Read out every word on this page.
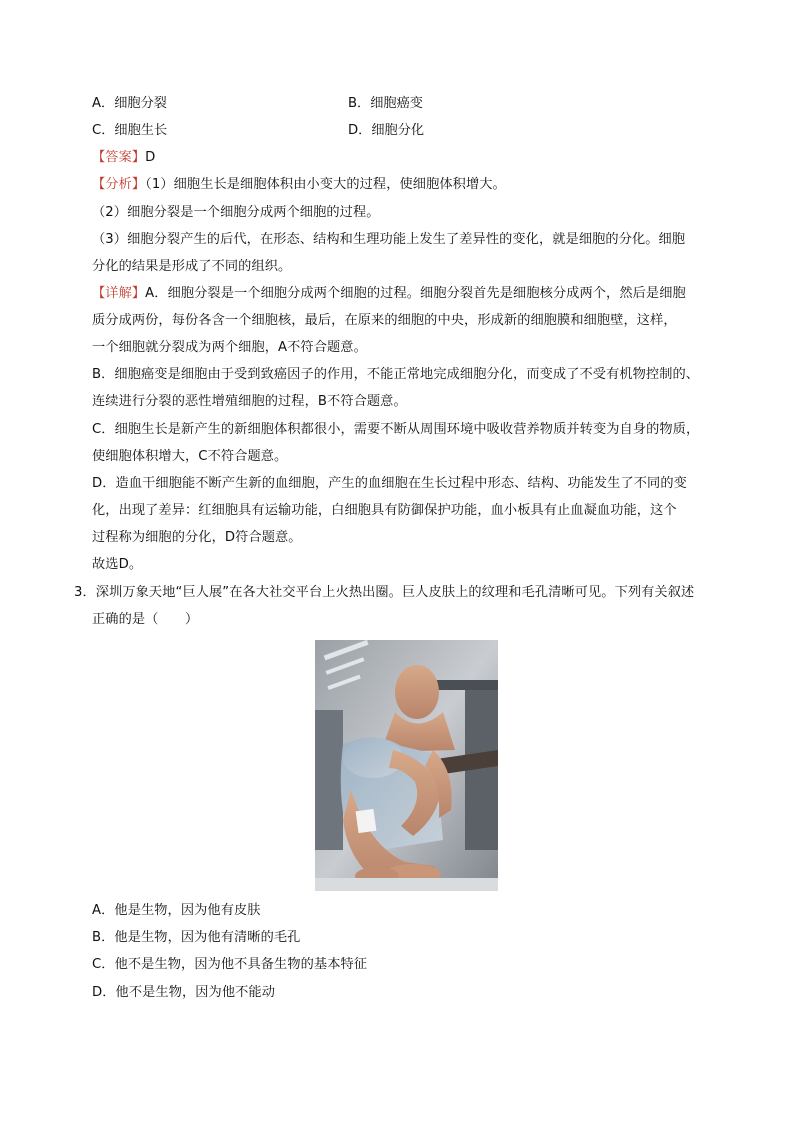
A．细胞分裂	B．细胞癌变
C．细胞生长	D．细胞分化
【答案】D
【分析】（1）细胞生长是细胞体积由小变大的过程，使细胞体积增大。
（2）细胞分裂是一个细胞分成两个细胞的过程。
（3）细胞分裂产生的后代，在形态、结构和生理功能上发生了差异性的变化，就是细胞的分化。细胞
分化的结果是形成了不同的组织。
【详解】A．细胞分裂是一个细胞分成两个细胞的过程。细胞分裂首先是细胞核分成两个，然后是细胞
质分成两份，每份各含一个细胞核，最后，在原来的细胞的中央，形成新的细胞膜和细胞壁，这样，
一个细胞就分裂成为两个细胞，A不符合题意。
B．细胞癌变是细胞由于受到致癌因子的作用，不能正常地完成细胞分化，而变成了不受有机物控制的、
连续进行分裂的恶性增殖细胞的过程，B不符合题意。
C．细胞生长是新产生的新细胞体积都很小，需要不断从周围环境中吸收营养物质并转变为自身的物质，
使细胞体积增大，C不符合题意。
D．造血干细胞能不断产生新的血细胞，产生的血细胞在生长过程中形态、结构、功能发生了不同的变
化，出现了差异：红细胞具有运输功能，白细胞具有防御保护功能，血小板具有止血凝血功能，这个
过程称为细胞的分化，D符合题意。
故选D。
3．深圳万象天地“巨人展”在各大社交平台上火热出圈。巨人皮肤上的纹理和毛孔清晰可见。下列有关叙述
正确的是（　　）
A．他是生物，因为他有皮肤
B．他是生物，因为他有清晰的毛孔
C．他不是生物，因为他不具备生物的基本特征
D．他不是生物，因为他不能动
